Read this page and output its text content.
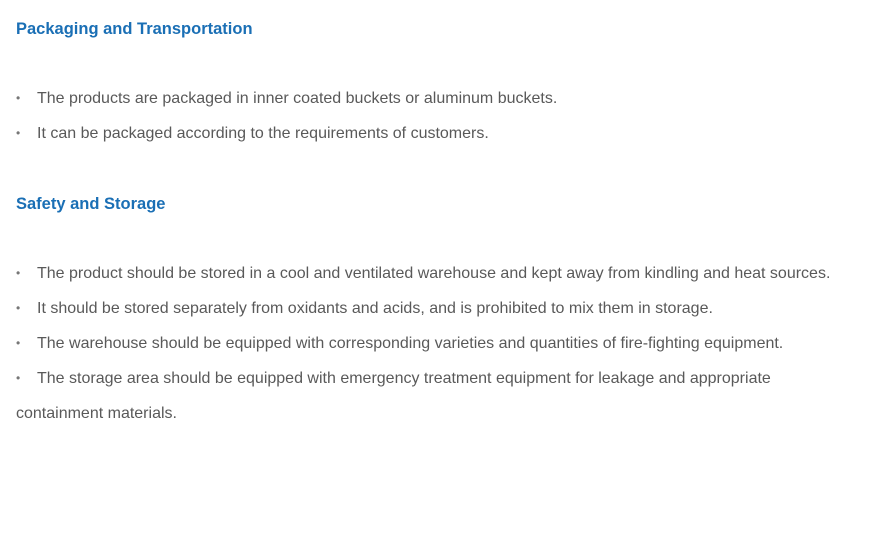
Packaging and Transportation
• The products are packaged in inner coated buckets or aluminum buckets.
• It can be packaged according to the requirements of customers.
Safety and Storage
• The product should be stored in a cool and ventilated warehouse and kept away from kindling and heat sources.
• It should be stored separately from oxidants and acids, and is prohibited to mix them in storage.
• The warehouse should be equipped with corresponding varieties and quantities of fire-fighting equipment.
• The storage area should be equipped with emergency treatment equipment for leakage and appropriate containment materials.
